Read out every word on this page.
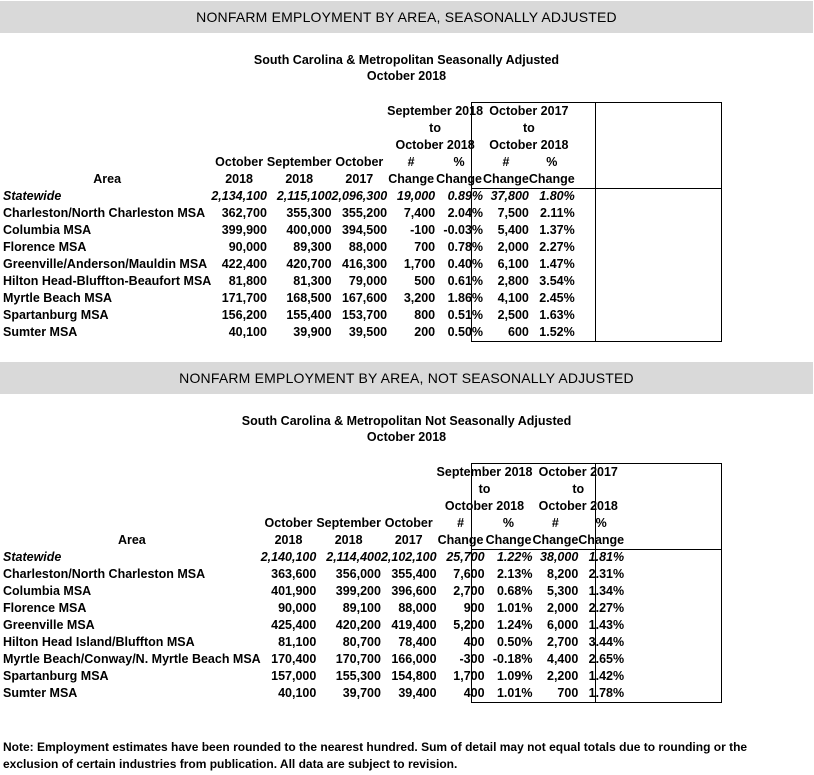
NONFARM EMPLOYMENT BY AREA, SEASONALLY ADJUSTED
South Carolina & Metropolitan Seasonally Adjusted
October 2018
				September 2018		October 2017	
				to		to	
				October 2018		October 2018	
	October	September	October	#	%	#	%
Area	2018	2018	2017	Change	Change	Change	Change
Statewide	2,134,100	2,115,100	2,096,300	19,000	0.89%	37,800	1.80%
Charleston/North Charleston MSA	362,700	355,300	355,200	7,400	2.04%	7,500	2.11%
Columbia MSA	399,900	400,000	394,500	-100	-0.03%	5,400	1.37%
Florence MSA	90,000	89,300	88,000	700	0.78%	2,000	2.27%
Greenville/Anderson/Mauldin MSA	422,400	420,700	416,300	1,700	0.40%	6,100	1.47%
Hilton Head-Bluffton-Beaufort MSA	81,800	81,300	79,000	500	0.61%	2,800	3.54%
Myrtle Beach MSA	171,700	168,500	167,600	3,200	1.86%	4,100	2.45%
Spartanburg MSA	156,200	155,400	153,700	800	0.51%	2,500	1.63%
Sumter MSA	40,100	39,900	39,500	200	0.50%	600	1.52%
NONFARM EMPLOYMENT BY AREA, NOT SEASONALLY ADJUSTED
South Carolina & Metropolitan Not Seasonally Adjusted
October 2018
				September 2018		October 2017	
				to		to	
				October 2018		October 2018	
	October	September	October	#	%	#	%
Area	2018	2018	2017	Change	Change	Change	Change
Statewide	2,140,100	2,114,400	2,102,100	25,700	1.22%	38,000	1.81%
Charleston/North Charleston MSA	363,600	356,000	355,400	7,600	2.13%	8,200	2.31%
Columbia MSA	401,900	399,200	396,600	2,700	0.68%	5,300	1.34%
Florence MSA	90,000	89,100	88,000	900	1.01%	2,000	2.27%
Greenville MSA	425,400	420,200	419,400	5,200	1.24%	6,000	1.43%
Hilton Head Island/Bluffton MSA	81,100	80,700	78,400	400	0.50%	2,700	3.44%
Myrtle Beach/Conway/N. Myrtle Beach MSA	170,400	170,700	166,000	-300	-0.18%	4,400	2.65%
Spartanburg MSA	157,000	155,300	154,800	1,700	1.09%	2,200	1.42%
Sumter MSA	40,100	39,700	39,400	400	1.01%	700	1.78%
Note: Employment estimates have been rounded to the nearest hundred. Sum of detail may not equal totals due to rounding or the exclusion of certain industries from publication. All data are subject to revision.
